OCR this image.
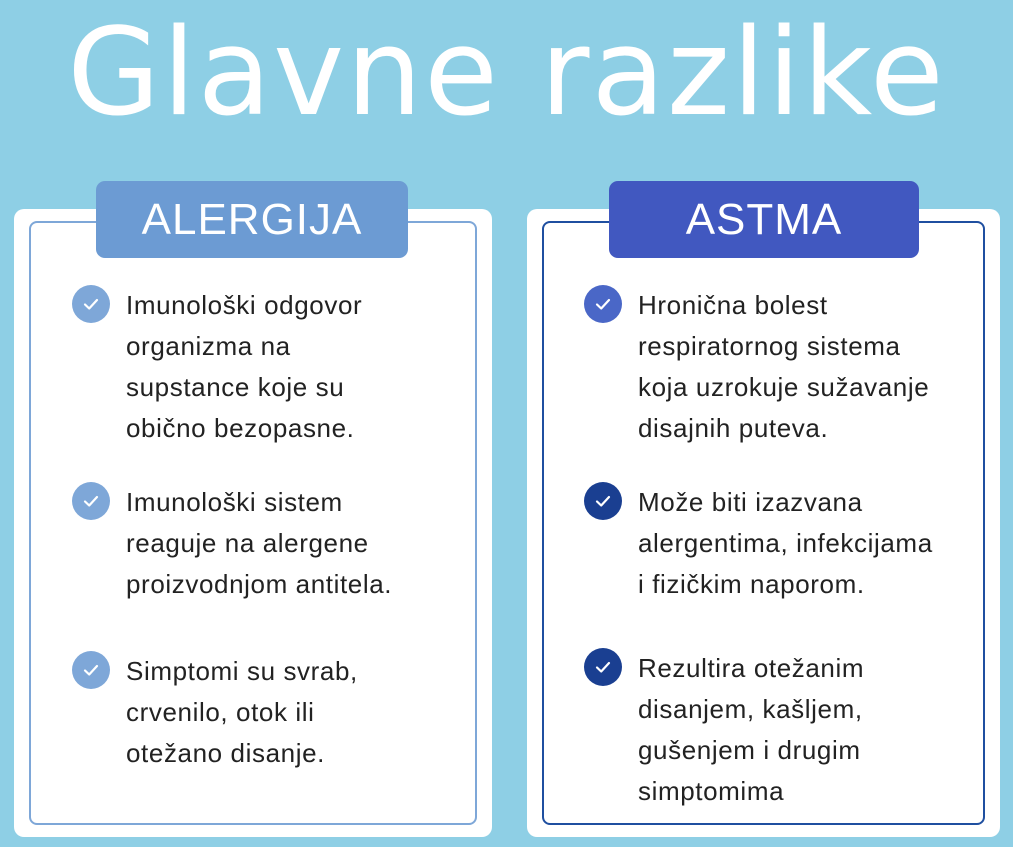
Glavne razlike
ALERGIJA
Imunološki odgovor
organizma na
supstance koje su
obično bezopasne.
Imunološki sistem
reaguje na alergene
proizvodnjom antitela.
Simptomi su svrab,
crvenilo, otok ili
otežano disanje.
ASTMA
Hronična bolest
respiratornog sistema
koja uzrokuje sužavanje
disajnih puteva.
Može biti izazvana
alergentima, infekcijama
i fizičkim naporom.
Rezultira otežanim
disanjem, kašljem,
gušenjem i drugim
simptomima
